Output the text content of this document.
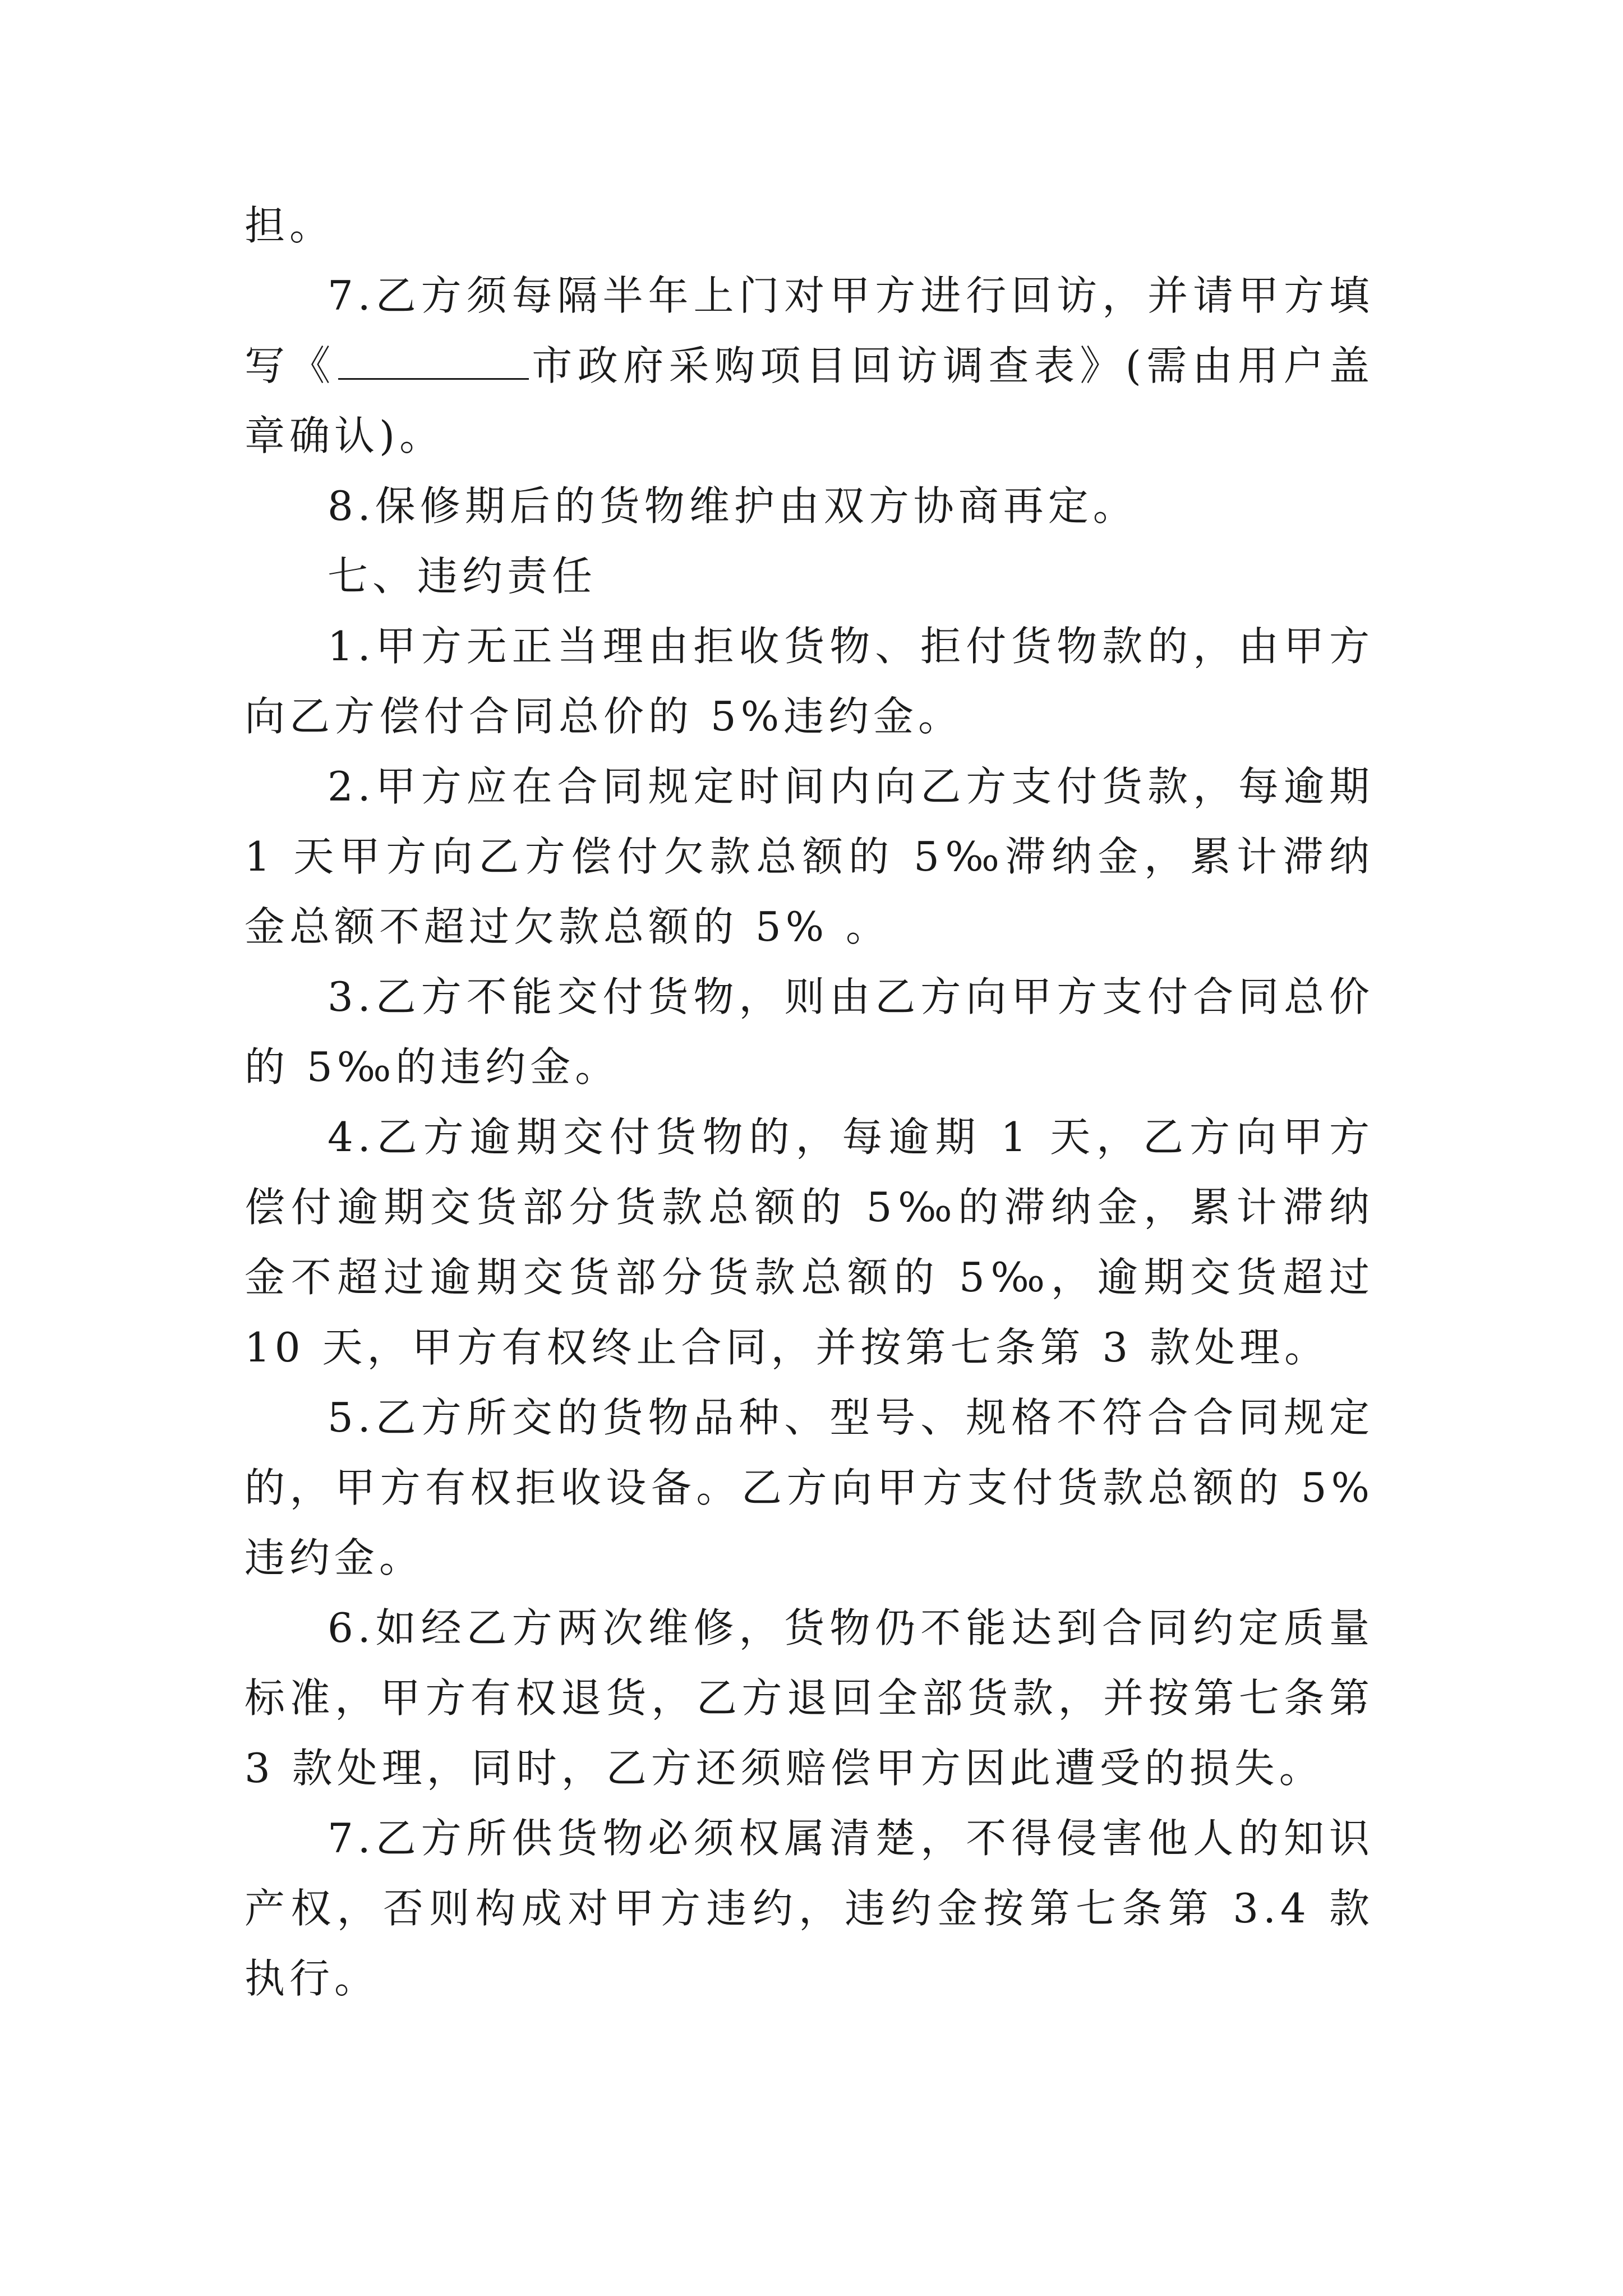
担。

7.乙方须每隔半年上门对甲方进行回访，并请甲方填写《	市政府采购项目回访调查表》(需由用户盖章确认)。

8.保修期后的货物维护由双方协商再定。

七、违约责任

1.甲方无正当理由拒收货物、拒付货物款的，由甲方向乙方偿付合同总价的 5%违约金。

2.甲方应在合同规定时间内向乙方支付货款，每逾期 1 天甲方向乙方偿付欠款总额的 5‰滞纳金，累计滞纳金总额不超过欠款总额的 5% 。

3.乙方不能交付货物，则由乙方向甲方支付合同总价的 5‰的违约金。

4.乙方逾期交付货物的，每逾期 1 天，乙方向甲方偿付逾期交货部分货款总额的 5‰的滞纳金，累计滞纳金不超过逾期交货部分货款总额的 5‰，逾期交货超过 10 天，甲方有权终止合同，并按第七条第 3 款处理。

5.乙方所交的货物品种、型号、规格不符合合同规定的，甲方有权拒收设备。乙方向甲方支付货款总额的 5%违约金。

6.如经乙方两次维修，货物仍不能达到合同约定质量标准，甲方有权退货，乙方退回全部货款，并按第七条第 3 款处理，同时，乙方还须赔偿甲方因此遭受的损失。

7.乙方所供货物必须权属清楚，不得侵害他人的知识产权，否则构成对甲方违约，违约金按第七条第 3.4 款执行。
